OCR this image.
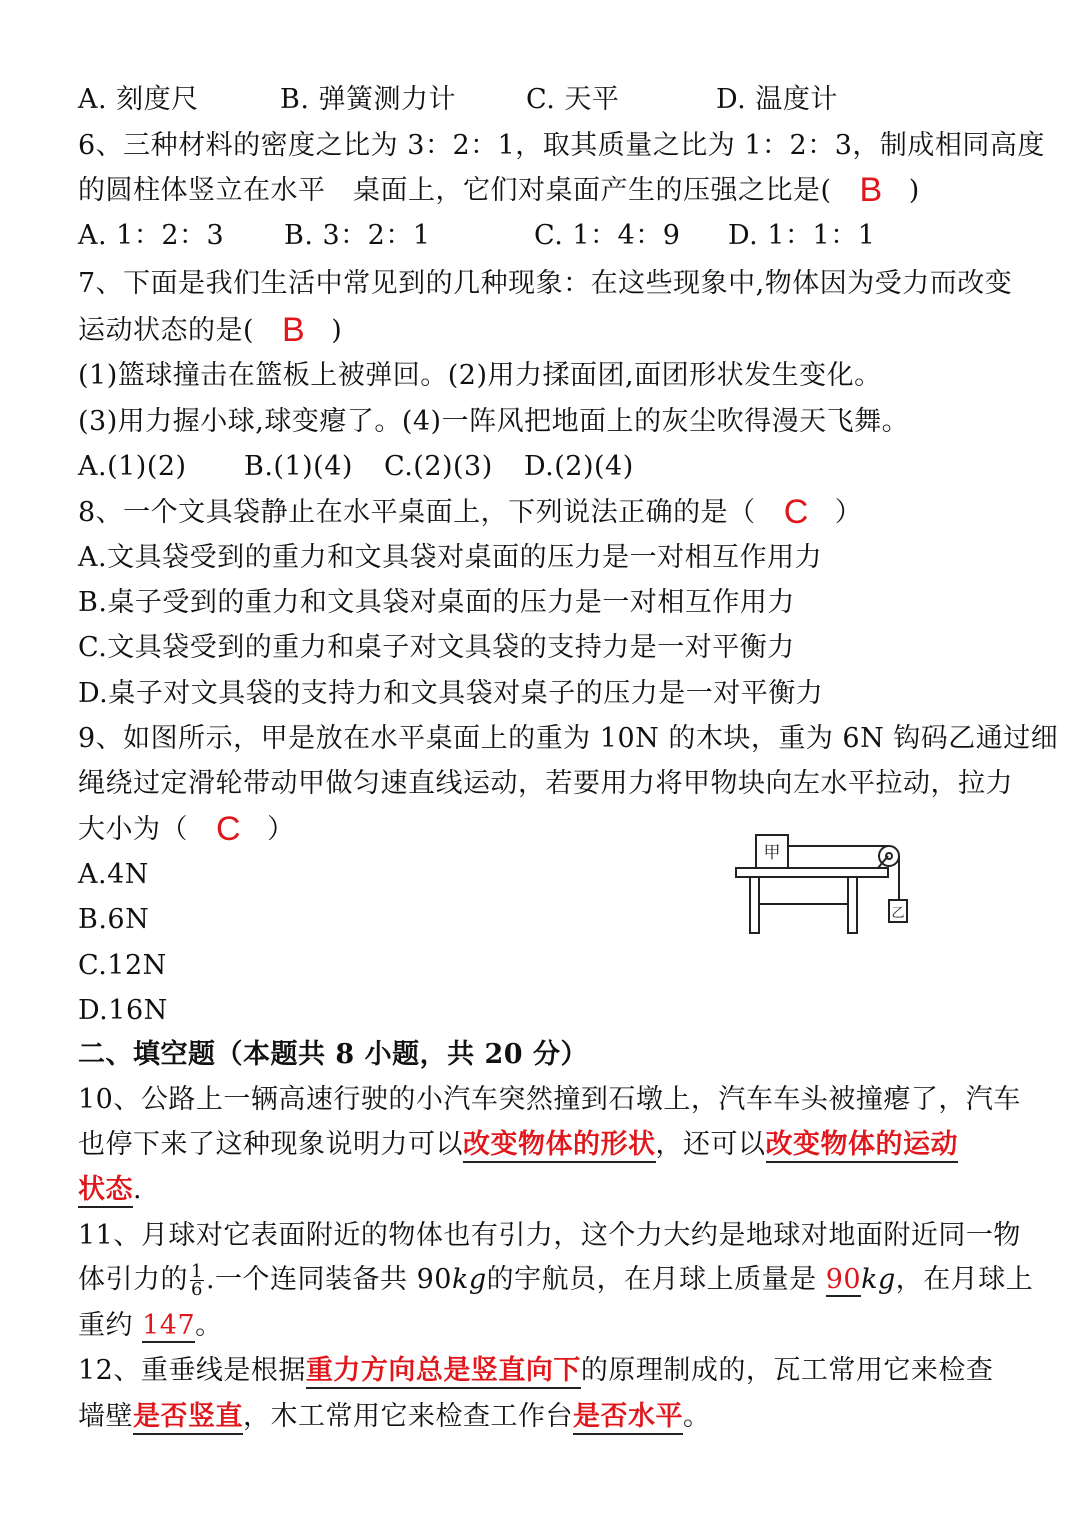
A. 刻度尺	B. 弹簧测力计	C. 天平	D. 温度计
6、三种材料的密度之比为 3：2：1，取其质量之比为 1：2：3，制成相同高度
的圆柱体竖立在水平　桌面上，它们对桌面产生的压强之比是( B )
A. 1：2：3 B. 3：2：1	C. 1：4：9 D. 1：1：1
7、下面是我们生活中常见到的几种现象：在这些现象中,物体因为受力而改变
运动状态的是( B )
(1)篮球撞击在篮板上被弹回。(2)用力揉面团,面团形状发生变化。
(3)用力握小球,球变瘪了。(4)一阵风把地面上的灰尘吹得漫天飞舞。
A.(1)(2) B.(1)(4) C.(2)(3) D.(2)(4)
8、一个文具袋静止在水平桌面上，下列说法正确的是（ C ）
A.文具袋受到的重力和文具袋对桌面的压力是一对相互作用力
B.桌子受到的重力和文具袋对桌面的压力是一对相互作用力
C.文具袋受到的重力和桌子对文具袋的支持力是一对平衡力
D.桌子对文具袋的支持力和文具袋对桌子的压力是一对平衡力
9、如图所示，甲是放在水平桌面上的重为 10N 的木块，重为 6N 钩码乙通过细
绳绕过定滑轮带动甲做匀速直线运动，若要用力将甲物块向左水平拉动，拉力
大小为（ C ）
A.4N
B.6N
C.12N
D.16N
甲
乙
二、填空题（本题共 8 小题，共 20 分）
10、公路上一辆高速行驶的小汽车突然撞到石墩上，汽车车头被撞瘪了，汽车
也停下来了这种现象说明力可以改变物体的形状，还可以改变物体的运动
状态.
11、月球对它表面附近的物体也有引力，这个力大约是地球对地面附近同一物
体引力的 $\frac{1}{6}$ .一个连同装备共 90kg的宇航员，在月球上质量是 90kg，在月球上
重约 147。
12、重垂线是根据重力方向总是竖直向下的原理制成的，瓦工常用它来检查
墙壁是否竖直，木工常用它来检查工作台是否水平。
